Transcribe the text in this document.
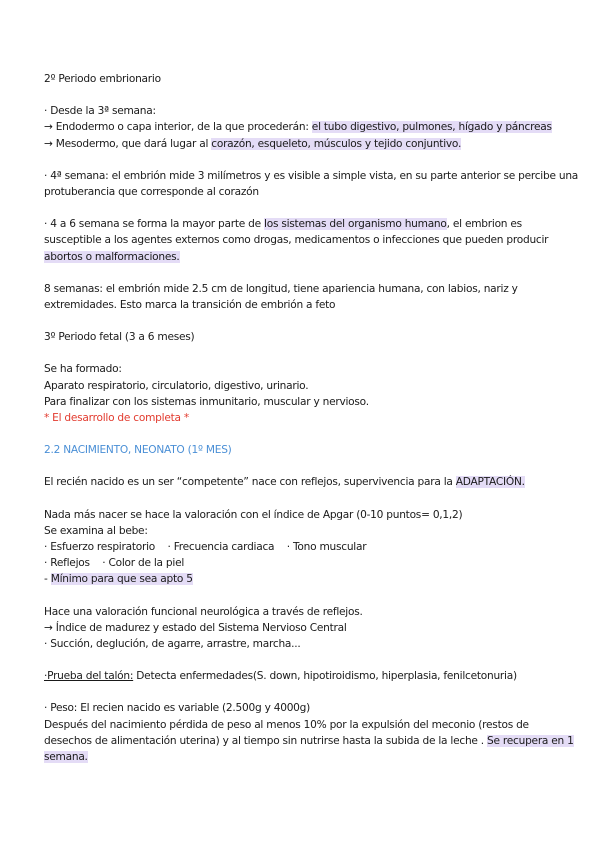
2º Periodo embrionario
· Desde la 3ª semana:
→ Endodermo o capa interior, de la que procederán: el tubo digestivo, pulmones, hígado y páncreas
→ Mesodermo, que dará lugar al corazón, esqueleto, músculos y tejido conjuntivo.
· 4ª semana: el embrión mide 3 milímetros y es visible a simple vista, en su parte anterior se percibe una
protuberancia que corresponde al corazón
· 4 a 6 semana se forma la mayor parte de los sistemas del organismo humano, el embrion es
susceptible a los agentes externos como drogas, medicamentos o infecciones que pueden producir
abortos o malformaciones.
8 semanas: el embrión mide 2.5 cm de longitud, tiene apariencia humana, con labios, nariz y
extremidades. Esto marca la transición de embrión a feto
3º Periodo fetal (3 a 6 meses)
Se ha formado:
Aparato respiratorio, circulatorio, digestivo, urinario.
Para finalizar con los sistemas inmunitario, muscular y nervioso.
* El desarrollo de completa *
2.2 NACIMIENTO, NEONATO (1º MES)
El recién nacido es un ser “competente” nace con reflejos, supervivencia para la ADAPTACIÓN.
Nada más nacer se hace la valoración con el índice de Apgar (0-10 puntos= 0,1,2)
Se examina al bebe:
· Esfuerzo respiratorio    · Frecuencia cardiaca    · Tono muscular
· Reflejos    · Color de la piel
- Mínimo para que sea apto 5
Hace una valoración funcional neurológica a través de reflejos.
→ Índice de madurez y estado del Sistema Nervioso Central
· Succión, deglución, de agarre, arrastre, marcha...
·Prueba del talón: Detecta enfermedades(S. down, hipotiroidismo, hiperplasia, fenilcetonuria)
· Peso: El recien nacido es variable (2.500g y 4000g)
Después del nacimiento pérdida de peso al menos 10% por la expulsión del meconio (restos de
desechos de alimentación uterina) y al tiempo sin nutrirse hasta la subida de la leche . Se recupera en 1
semana.
